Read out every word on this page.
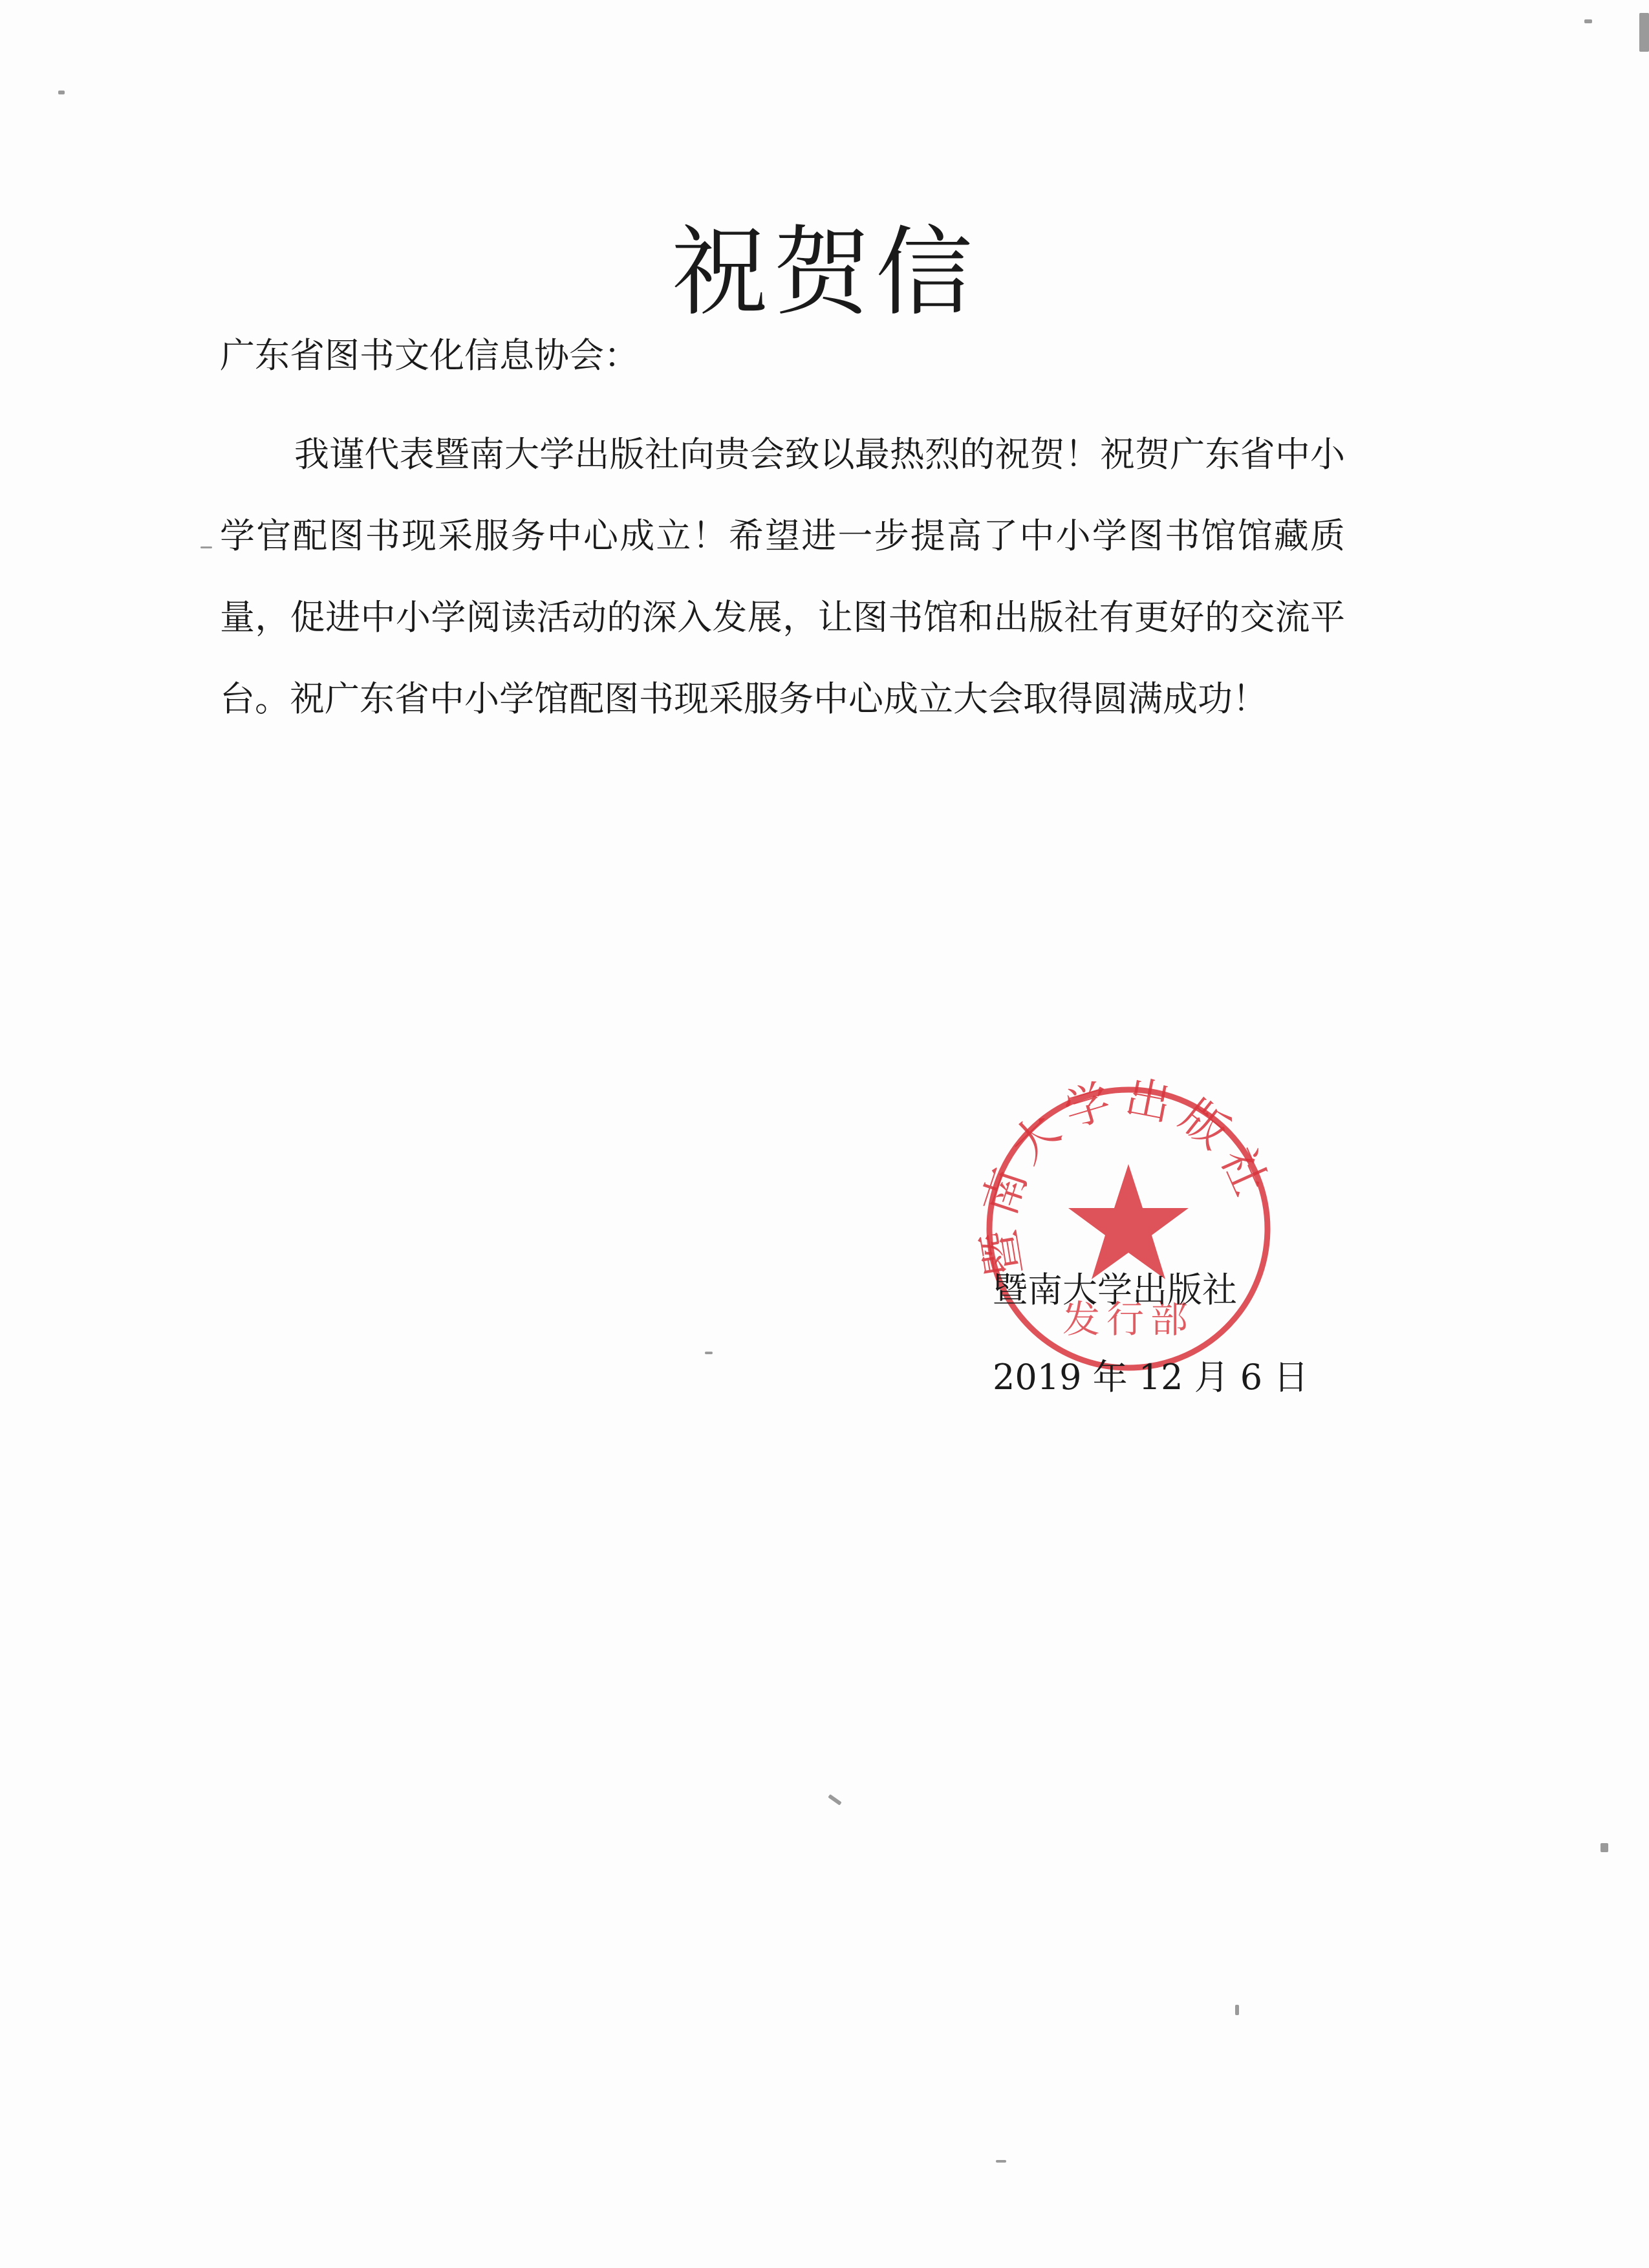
祝贺信
广东省图书文化信息协会：
我谨代表暨南大学出版社向贵会致以最热烈的祝贺！祝贺广东省中小学官配图书现采服务中心成立！希望进一步提高了中小学图书馆馆藏质量，促进中小学阅读活动的深入发展，让图书馆和出版社有更好的交流平台。祝广东省中小学馆配图书现采服务中心成立大会取得圆满成功！
暨南大学出版社
发行部
暨南大学出版社
2019 年 12 月 6 日
